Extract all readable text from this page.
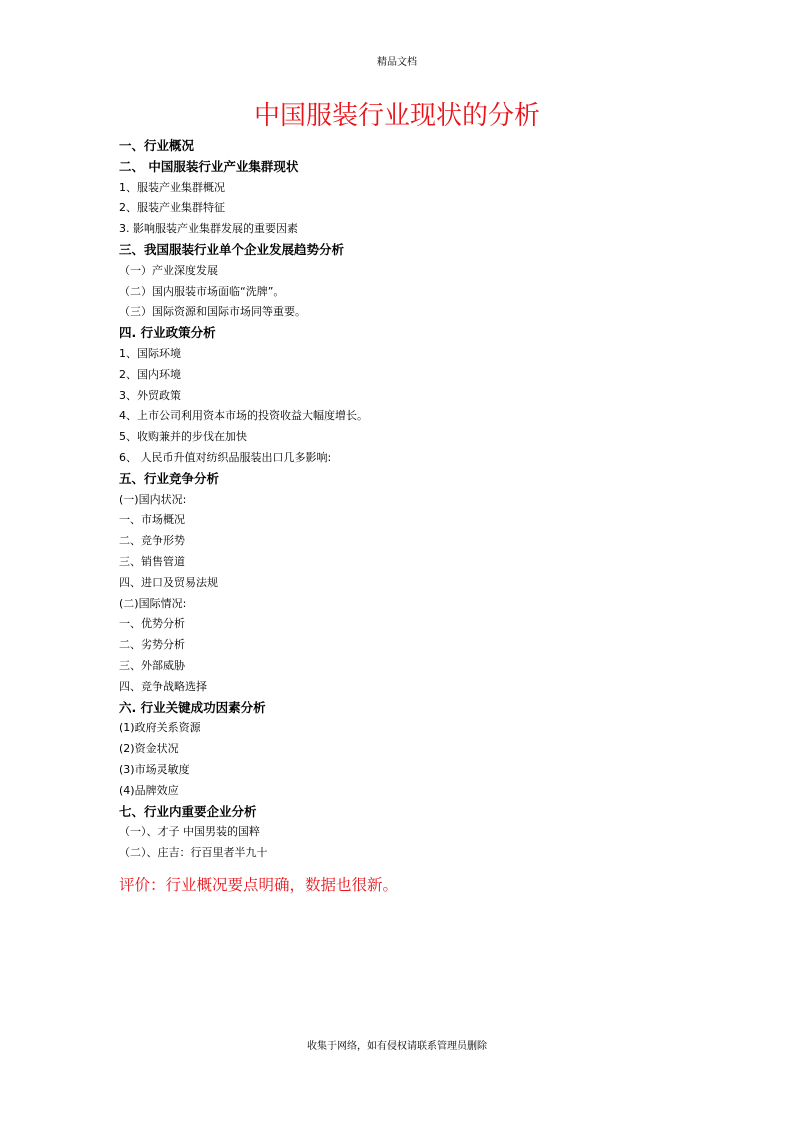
精品文档
中国服装行业现状的分析
一、行业概况
二、 中国服装行业产业集群现状
1、服装产业集群概况
2、服装产业集群特征
3. 影响服装产业集群发展的重要因素
三、我国服装行业单个企业发展趋势分析
（一）产业深度发展
（二）国内服装市场面临“洗牌”。
（三）国际资源和国际市场同等重要。
四. 行业政策分析
1、国际环境
2、国内环境
3、外贸政策
4、上市公司利用资本市场的投资收益大幅度增长。
5、收购兼并的步伐在加快
6、 人民币升值对纺织品服装出口几多影响:
五、行业竞争分析
(一)国内状况:
一、市场概况
二、竞争形势
三、销售管道
四、进口及贸易法规
(二)国际情况:
一、优势分析
二、劣势分析
三、外部威胁
四、竞争战略选择
六. 行业关键成功因素分析
(1)政府关系资源
(2)资金状况
(3)市场灵敏度
(4)品牌效应
七、行业内重要企业分析
（一）、才子 中国男装的国粹
（二）、庄吉：行百里者半九十
评价：行业概况要点明确，数据也很新。
收集于网络，如有侵权请联系管理员删除
